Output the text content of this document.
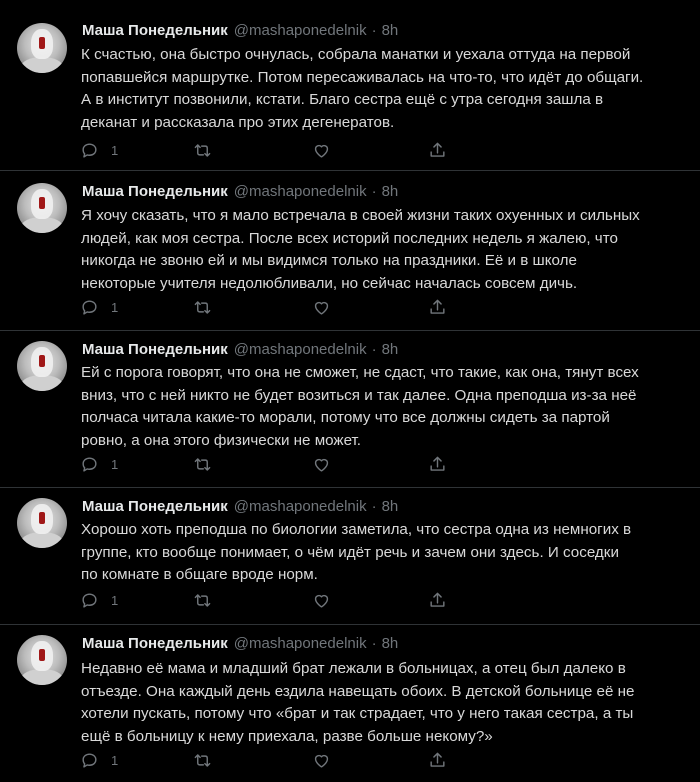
Маша Понедельник @mashaponedelnik · 8h
К счастью, она быстро очнулась, собрала манатки и уехала оттуда на первой
попавшейся маршрутке. Потом пересаживалась на что-то, что идёт до общаги.
А в институт позвонили, кстати. Благо сестра ещё с утра сегодня зашла в
деканат и рассказала про этих дегенератов.
1
Маша Понедельник @mashaponedelnik · 8h
Я хочу сказать, что я мало встречала в своей жизни таких охуенных и сильных
людей, как моя сестра. После всех историй последних недель я жалею, что
никогда не звоню ей и мы видимся только на праздники. Её и в школе
некоторые учителя недолюбливали, но сейчас началась совсем дичь.
1
Маша Понедельник @mashaponedelnik · 8h
Ей с порога говорят, что она не сможет, не сдаст, что такие, как она, тянут всех
вниз, что с ней никто не будет возиться и так далее. Одна преподша из-за неё
полчаса читала какие-то морали, потому что все должны сидеть за партой
ровно, а она этого физически не может.
1
Маша Понедельник @mashaponedelnik · 8h
Хорошо хоть преподша по биологии заметила, что сестра одна из немногих в
группе, кто вообще понимает, о чём идёт речь и зачем они здесь. И соседки
по комнате в общаге вроде норм.
1
Маша Понедельник @mashaponedelnik · 8h
Недавно её мама и младший брат лежали в больницах, а отец был далеко в
отъезде. Она каждый день ездила навещать обоих. В детской больнице её не
хотели пускать, потому что «брат и так страдает, что у него такая сестра, а ты
ещё в больницу к нему приехала, разве больше некому?»
1
